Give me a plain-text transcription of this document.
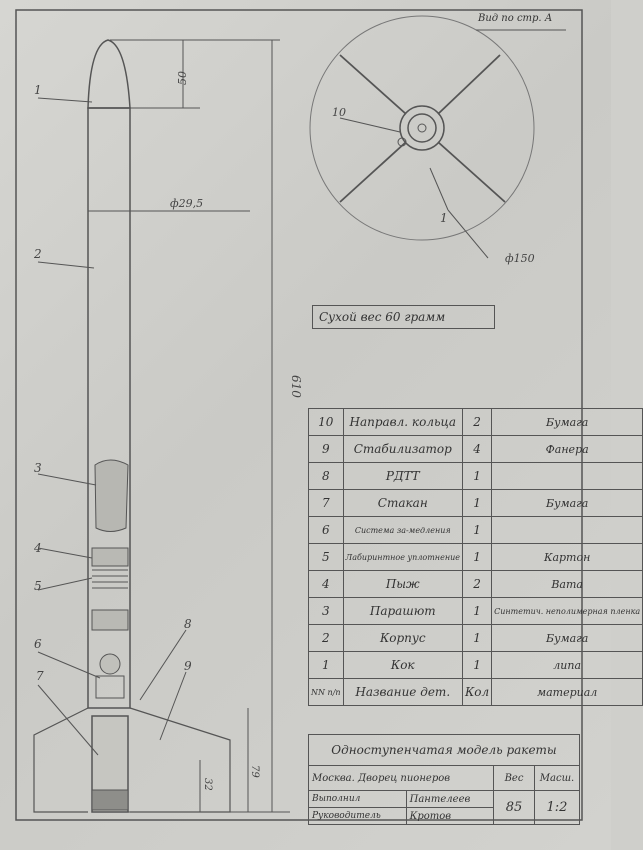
50
ф29,5
610
79
32
1
2
3
4
5
6
7
8
9
10
1
ф150
Вид по стр. А
Сухой вес 60 грамм
10	Направл. кольца	2	Бумага
9	Стабилизатор	4	Фанера
8	РДТТ	1	
7	Стакан	1	Бумага
6	Система за-медления	1	
5	Лабиринтное уплотнение	1	Картон
4	Пыж	2	Вата
3	Парашют	1	Синтетич. неполимерная пленка
2	Корпус	1	Бумага
1	Кок	1	липа
NN п/п	Название дет.	Кол	материал
Одноступенчатая модель ракеты			
Москва. Дворец пионеров		Вес	Масш.
Выполнил	Пантелеев	85	1:2
Руководитель	Кротов		
